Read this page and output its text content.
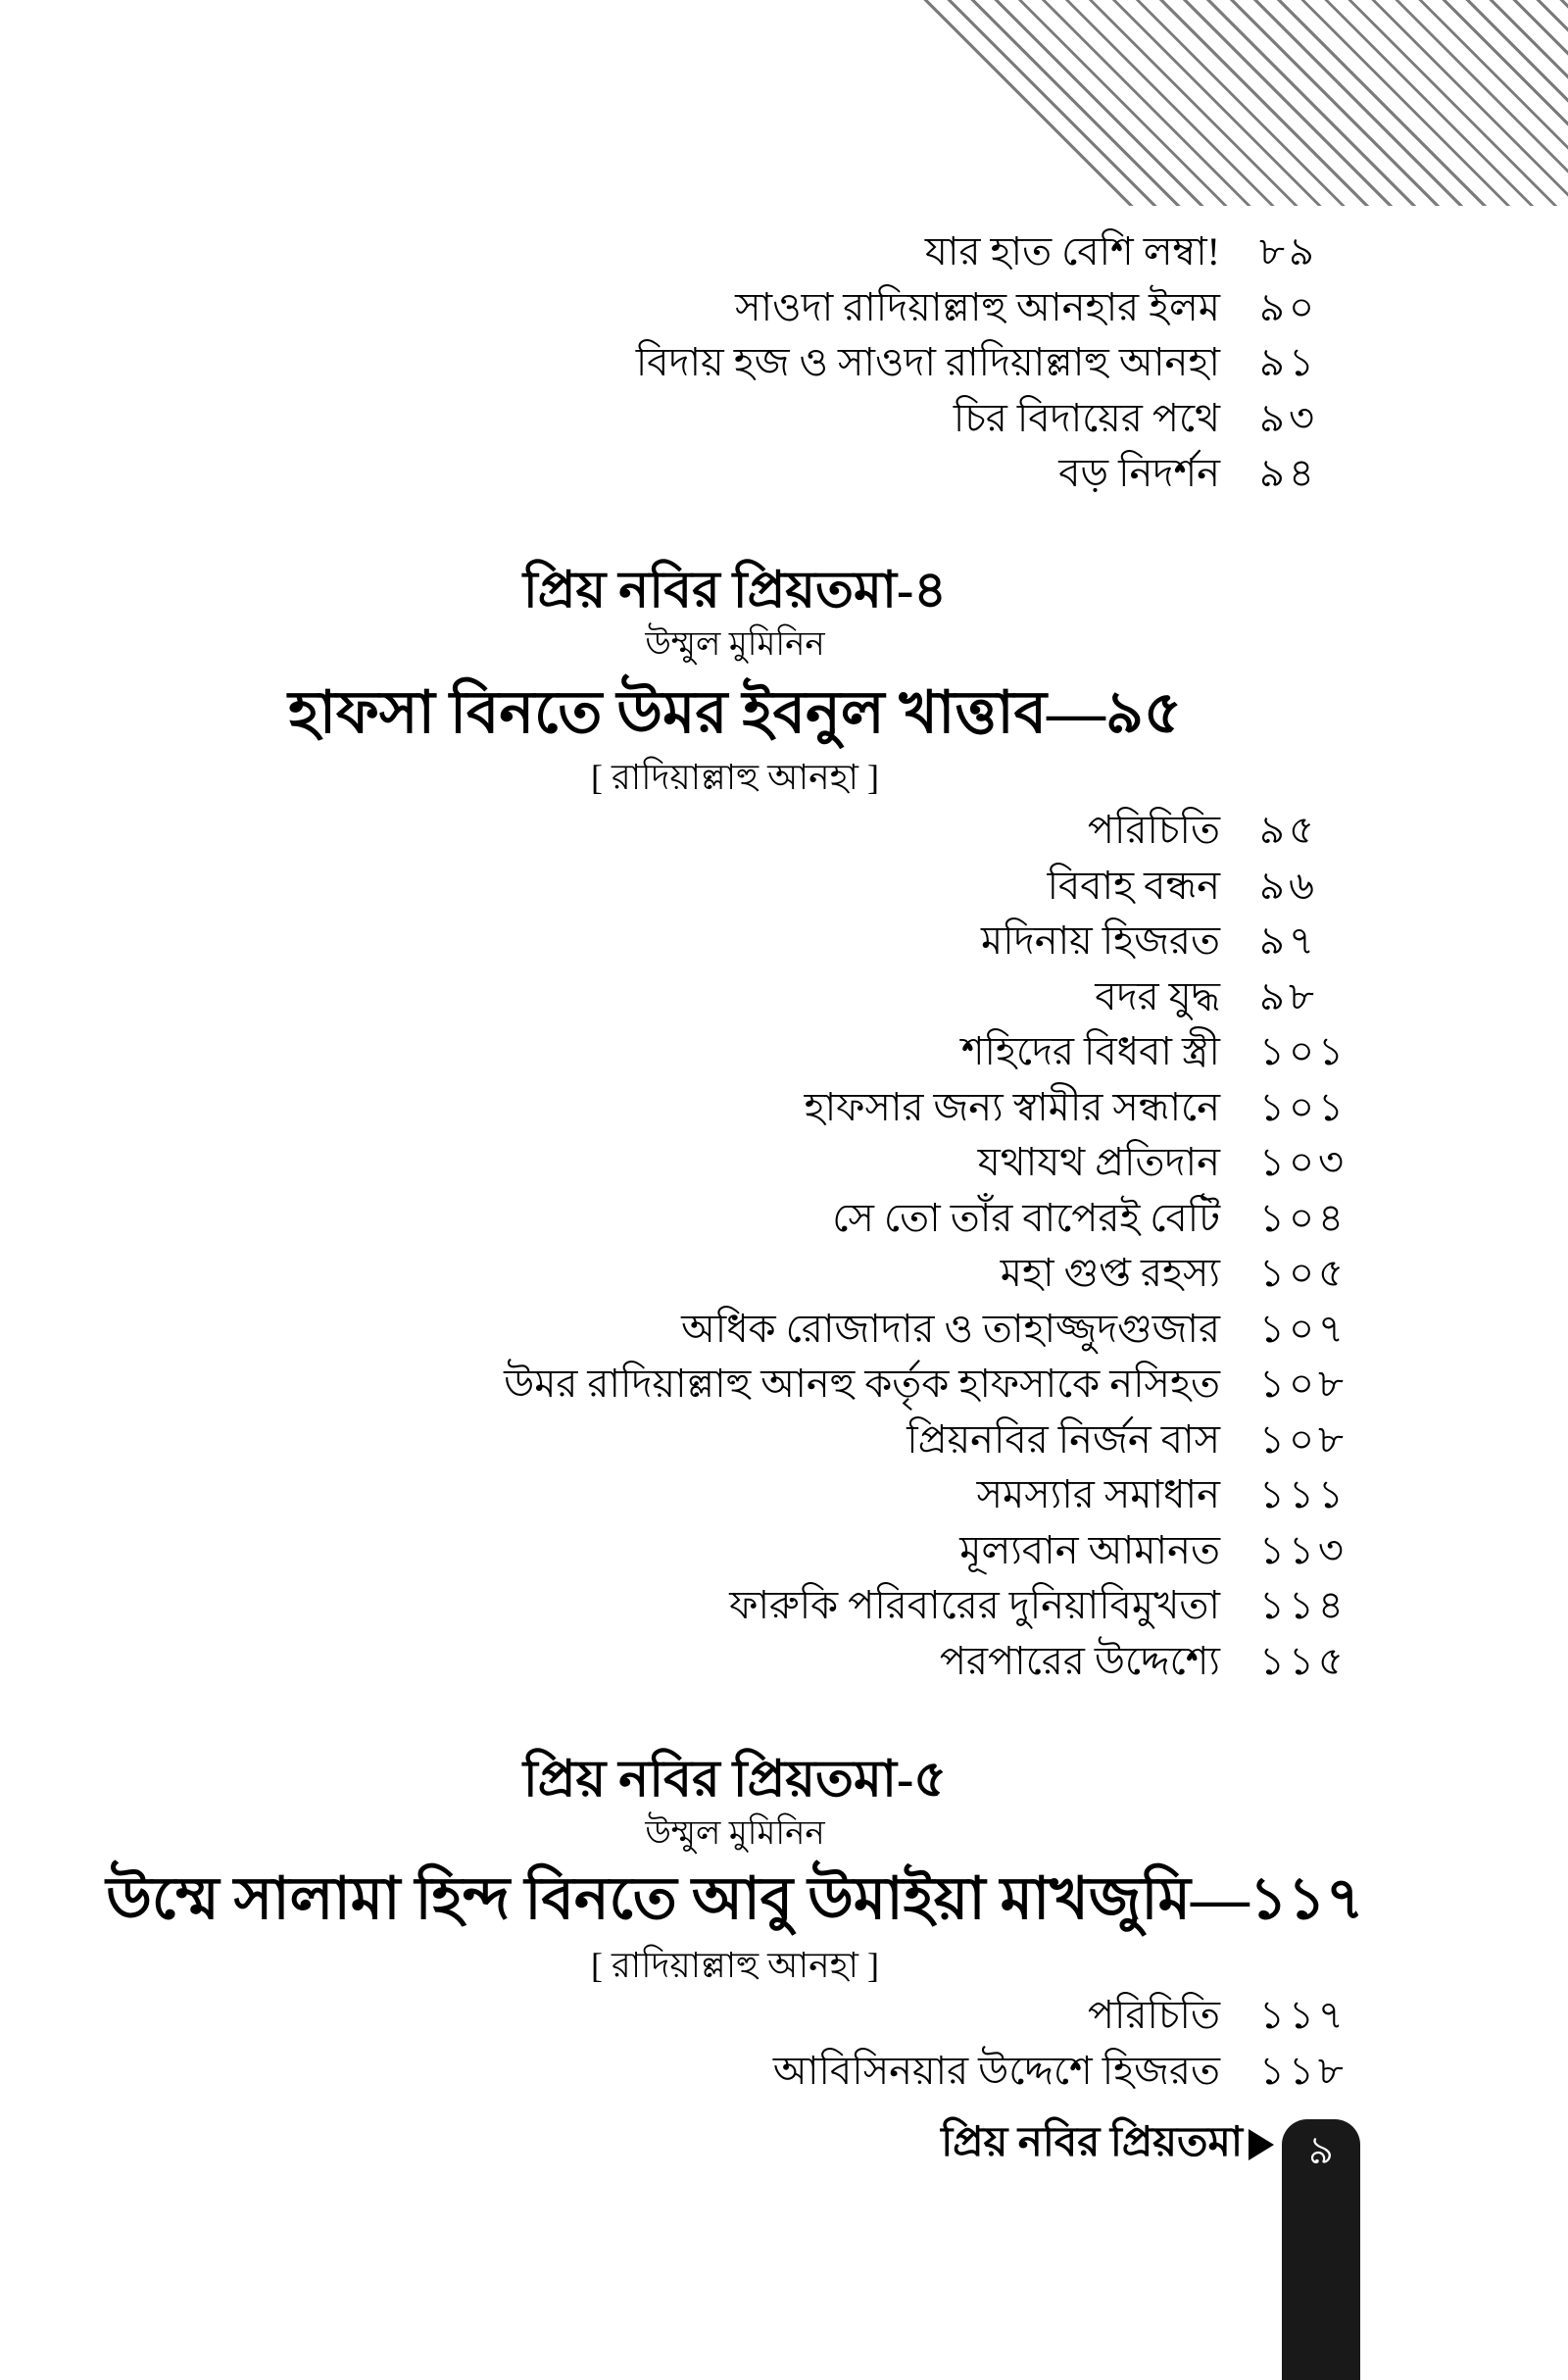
যার হাত বেশি লম্বা!	৮৯
সাওদা রাদিয়াল্লাহু আনহার ইলম	৯০
বিদায় হজ ও সাওদা রাদিয়াল্লাহু আনহা	৯১
চির বিদায়ের পথে	৯৩
বড় নিদর্শন	৯৪
প্রিয় নবির প্রিয়তমা-৪
উম্মুল মুমিনিন
হাফসা বিনতে উমর ইবনুল খাত্তাব—৯৫
[ রাদিয়াল্লাহু আনহা ]
পরিচিতি	৯৫
বিবাহ বন্ধন	৯৬
মদিনায় হিজরত	৯৭
বদর যুদ্ধ	৯৮
শহিদের বিধবা স্ত্রী	১০১
হাফসার জন্য স্বামীর সন্ধানে	১০১
যথাযথ প্রতিদান	১০৩
সে তো তাঁর বাপেরই বেটি	১০৪
মহা গুপ্ত রহস্য	১০৫
অধিক রোজাদার ও তাহাজ্জুদগুজার	১০৭
উমর রাদিয়াল্লাহু আনহু কর্তৃক হাফসাকে নসিহত	১০৮
প্রিয়নবির নির্জন বাস	১০৮
সমস্যার সমাধান	১১১
মূল্যবান আমানত	১১৩
ফারুকি পরিবারের দুনিয়াবিমুখতা	১১৪
পরপারের উদ্দেশ্যে	১১৫
প্রিয় নবির প্রিয়তমা-৫
উম্মুল মুমিনিন
উম্মে সালামা হিন্দ বিনতে আবু উমাইয়া মাখজুমি—১১৭
[ রাদিয়াল্লাহু আনহা ]
পরিচিতি	১১৭
আবিসিনয়ার উদ্দেশে হিজরত	১১৮
প্রিয় নবির প্রিয়তমা	৯
